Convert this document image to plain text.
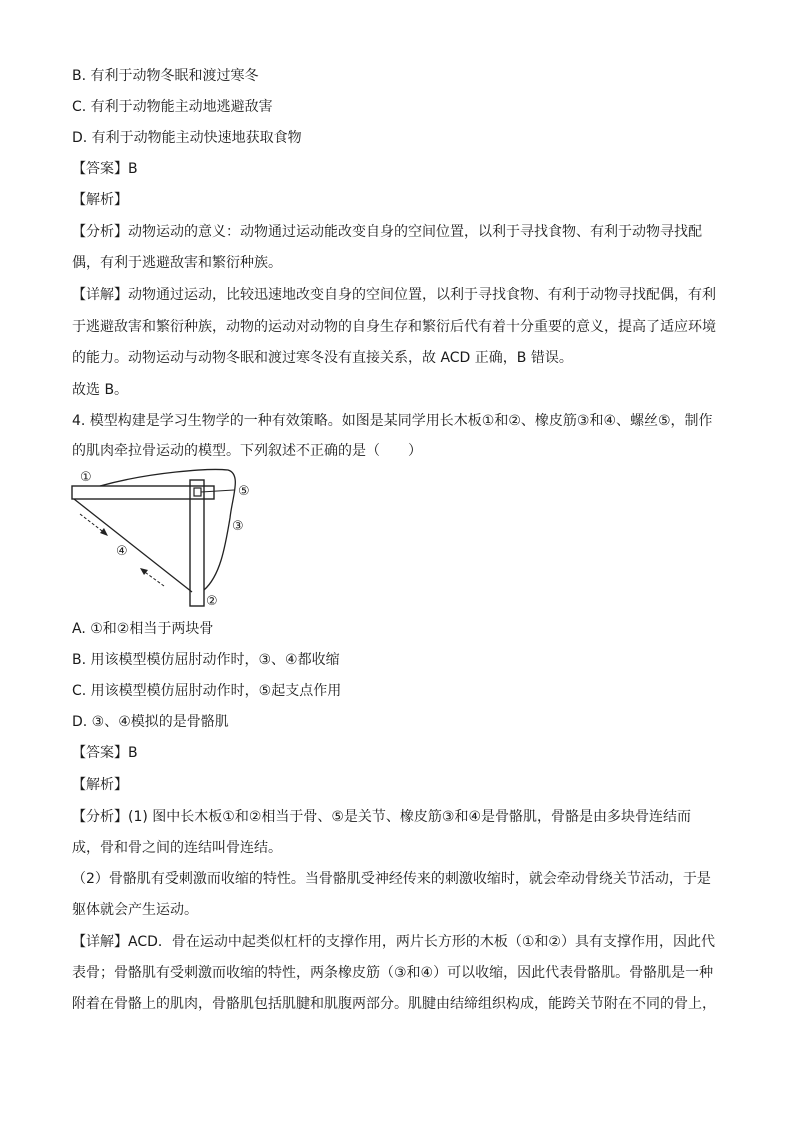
B. 有利于动物冬眠和渡过寒冬
C. 有利于动物能主动地逃避敌害
D. 有利于动物能主动快速地获取食物
【答案】B
【解析】
【分析】动物运动的意义：动物通过运动能改变自身的空间位置，以利于寻找食物、有利于动物寻找配
偶，有利于逃避敌害和繁衍种族。
【详解】动物通过运动，比较迅速地改变自身的空间位置，以利于寻找食物、有利于动物寻找配偶，有利
于逃避敌害和繁衍种族，动物的运动对动物的自身生存和繁衍后代有着十分重要的意义，提高了适应环境
的能力。动物运动与动物冬眠和渡过寒冬没有直接关系，故 ACD 正确，B 错误。
故选 B。
4. 模型构建是学习生物学的一种有效策略。如图是某同学用长木板①和②、橡皮筋③和④、螺丝⑤，制作
的肌肉牵拉骨运动的模型。下列叙述不正确的是（　　）
①
②
③
④
⑤
A. ①和②相当于两块骨
B. 用该模型模仿屈肘动作时，③、④都收缩
C. 用该模型模仿屈肘动作时，⑤起支点作用
D. ③、④模拟的是骨骼肌
【答案】B
【解析】
【分析】(1) 图中长木板①和②相当于骨、⑤是关节、橡皮筋③和④是骨骼肌，骨骼是由多块骨连结而
成，骨和骨之间的连结叫骨连结。
（2）骨骼肌有受刺激而收缩的特性。当骨骼肌受神经传来的刺激收缩时，就会牵动骨绕关节活动，于是
躯体就会产生运动。
【详解】ACD．骨在运动中起类似杠杆的支撑作用，两片长方形的木板（①和②）具有支撑作用，因此代
表骨；骨骼肌有受刺激而收缩的特性，两条橡皮筋（③和④）可以收缩，因此代表骨骼肌。骨骼肌是一种
附着在骨骼上的肌肉，骨骼肌包括肌腱和肌腹两部分。肌腱由结缔组织构成，能跨关节附在不同的骨上，
